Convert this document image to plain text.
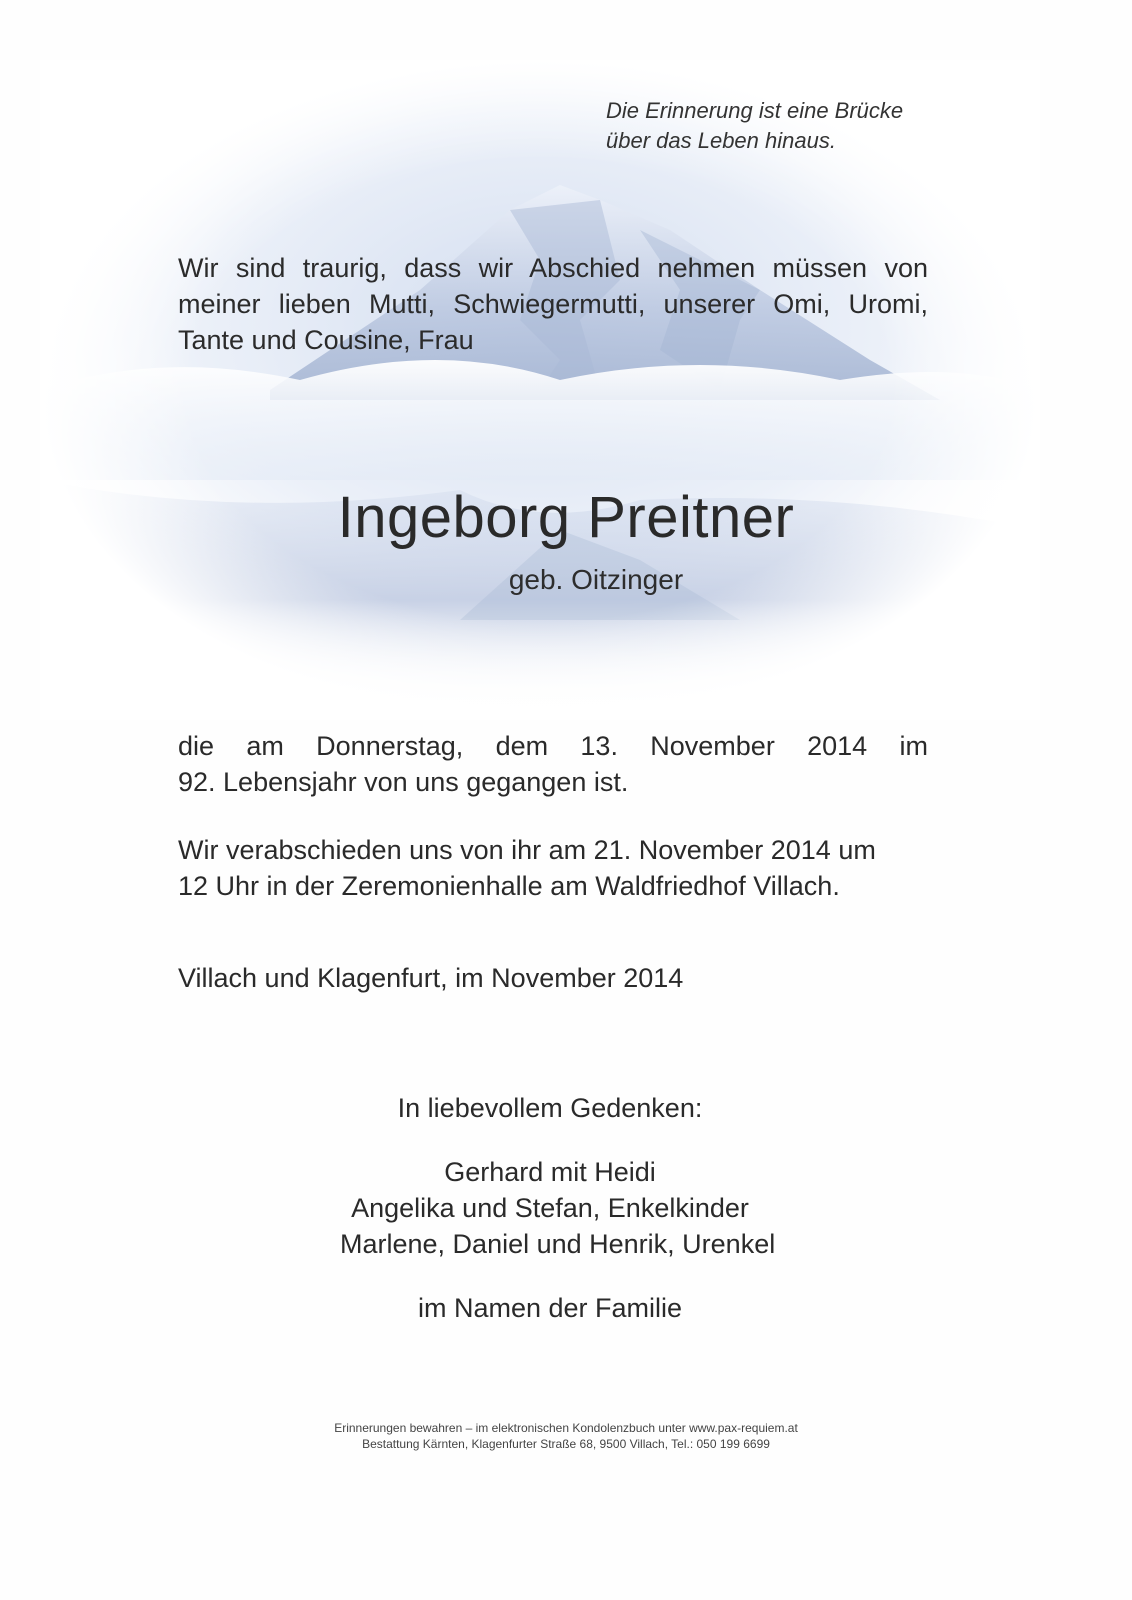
Die Erinnerung ist eine Brücke
über das Leben hinaus.
Wir sind traurig, dass wir Abschied nehmen müssen von
meiner lieben Mutti, Schwiegermutti, unserer Omi, Uromi,
Tante und Cousine, Frau
Ingeborg Preitner
geb. Oitzinger
die am Donnerstag, dem 13. November 2014 im
92. Lebensjahr von uns gegangen ist.
Wir verabschieden uns von ihr am 21. November 2014 um
12 Uhr in der Zeremonienhalle am Waldfriedhof Villach.
Villach und Klagenfurt, im November 2014
In liebevollem Gedenken:
Gerhard mit Heidi
Angelika und Stefan, Enkelkinder
Marlene, Daniel und Henrik, Urenkel
im Namen der Familie
Erinnerungen bewahren – im elektronischen Kondolenzbuch unter www.pax-requiem.at
Bestattung Kärnten, Klagenfurter Straße 68, 9500 Villach, Tel.: 050 199 6699
